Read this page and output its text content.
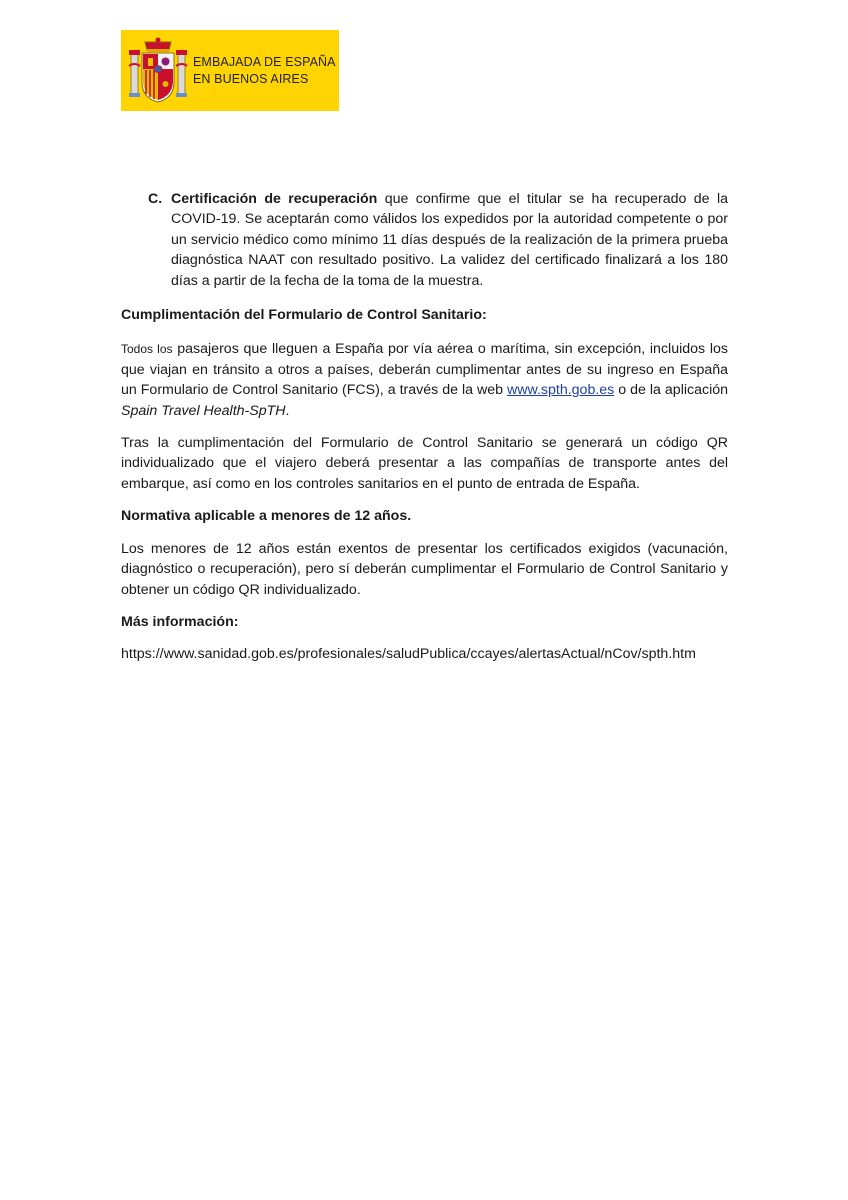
EMBAJADA DE ESPAÑA
EN BUENOS AIRES
C. Certificación de recuperación que confirme que el titular se ha recuperado de la COVID-19. Se aceptarán como válidos los expedidos por la autoridad competente o por un servicio médico como mínimo 11 días después de la realización de la primera prueba diagnóstica NAAT con resultado positivo. La validez del certificado finalizará a los 180 días a partir de la fecha de la toma de la muestra.

Cumplimentación del Formulario de Control Sanitario:

Todos los pasajeros que lleguen a España por vía aérea o marítima, sin excepción, incluidos los que viajan en tránsito a otros a países, deberán cumplimentar antes de su ingreso en España un Formulario de Control Sanitario (FCS), a través de la web www.spth.gob.es o de la aplicación Spain Travel Health-SpTH.

Tras la cumplimentación del Formulario de Control Sanitario se generará un código QR individualizado que el viajero deberá presentar a las compañías de transporte antes del embarque, así como en los controles sanitarios en el punto de entrada de España.

Normativa aplicable a menores de 12 años.

Los menores de 12 años están exentos de presentar los certificados exigidos (vacunación, diagnóstico o recuperación), pero sí deberán cumplimentar el Formulario de Control Sanitario y obtener un código QR individualizado.

Más información:

https://www.sanidad.gob.es/profesionales/saludPublica/ccayes/alertasActual/nCov/spth.htm
